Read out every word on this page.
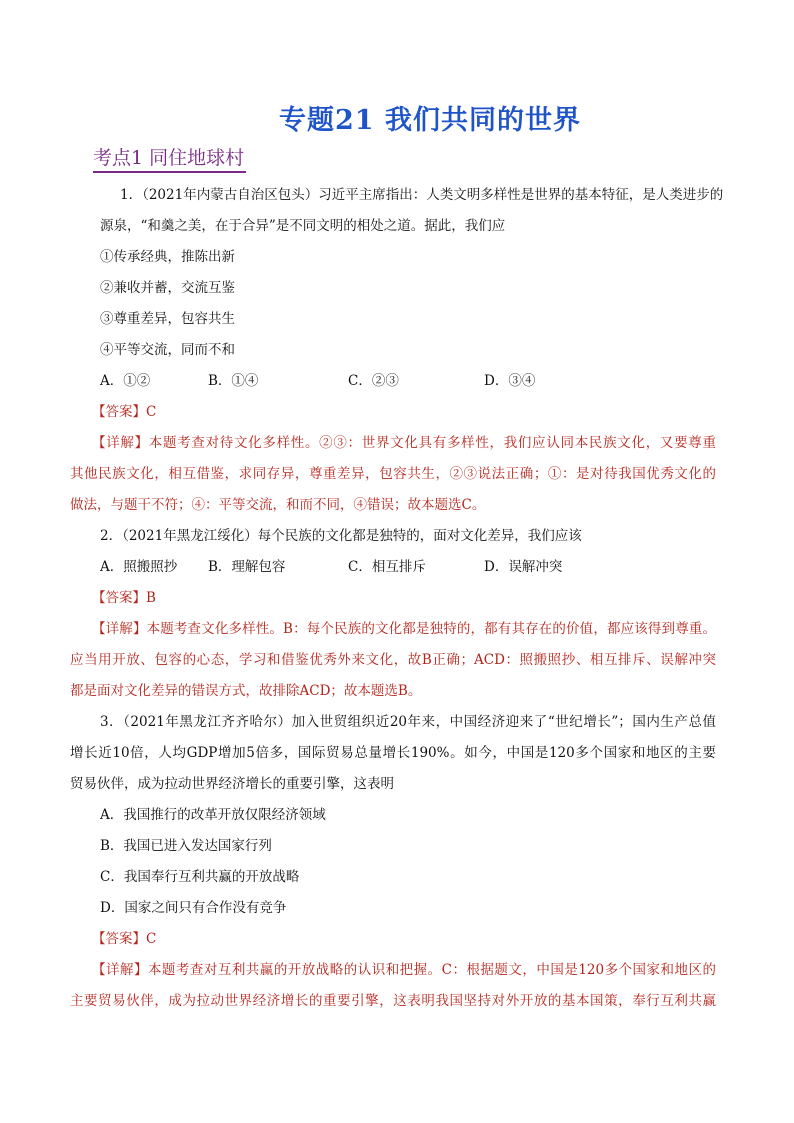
专题21 我们共同的世界
考点1 同住地球村
1．（2021年内蒙古自治区包头）习近平主席指出：人类文明多样性是世界的基本特征，是人类进步的
源泉，“和羹之美，在于合异”是不同文明的相处之道。据此，我们应
①传承经典，推陈出新
②兼收并蓄，交流互鉴
③尊重差异，包容共生
④平等交流，同而不和
A．①②	B．①④	C．②③	D．③④
【答案】C
【详解】本题考查对待文化多样性。②③：世界文化具有多样性，我们应认同本民族文化，又要尊重
其他民族文化，相互借鉴，求同存异，尊重差异，包容共生，②③说法正确；①：是对待我国优秀文化的
做法，与题干不符；④：平等交流，和而不同，④错误；故本题选C。
2．（2021年黑龙江绥化）每个民族的文化都是独特的，面对文化差异，我们应该
A．照搬照抄 B．理解包容	C．相互排斥	D．误解冲突
【答案】B
【详解】本题考查文化多样性。B：每个民族的文化都是独特的，都有其存在的价值，都应该得到尊重。
应当用开放、包容的心态，学习和借鉴优秀外来文化，故B正确；ACD：照搬照抄、相互排斥、误解冲突
都是面对文化差异的错误方式，故排除ACD；故本题选B。
3．（2021年黑龙江齐齐哈尔）加入世贸组织近20年来，中国经济迎来了“世纪增长”；国内生产总值
增长近10倍，人均GDP增加5倍多，国际贸易总量增长190%。如今，中国是120多个国家和地区的主要
贸易伙伴，成为拉动世界经济增长的重要引擎，这表明
A．我国推行的改革开放仅限经济领域
B．我国已进入发达国家行列
C．我国奉行互利共赢的开放战略
D．国家之间只有合作没有竞争
【答案】C
【详解】本题考查对互利共赢的开放战略的认识和把握。C：根据题文，中国是120多个国家和地区的
主要贸易伙伴，成为拉动世界经济增长的重要引擎，这表明我国坚持对外开放的基本国策，奉行互利共赢
